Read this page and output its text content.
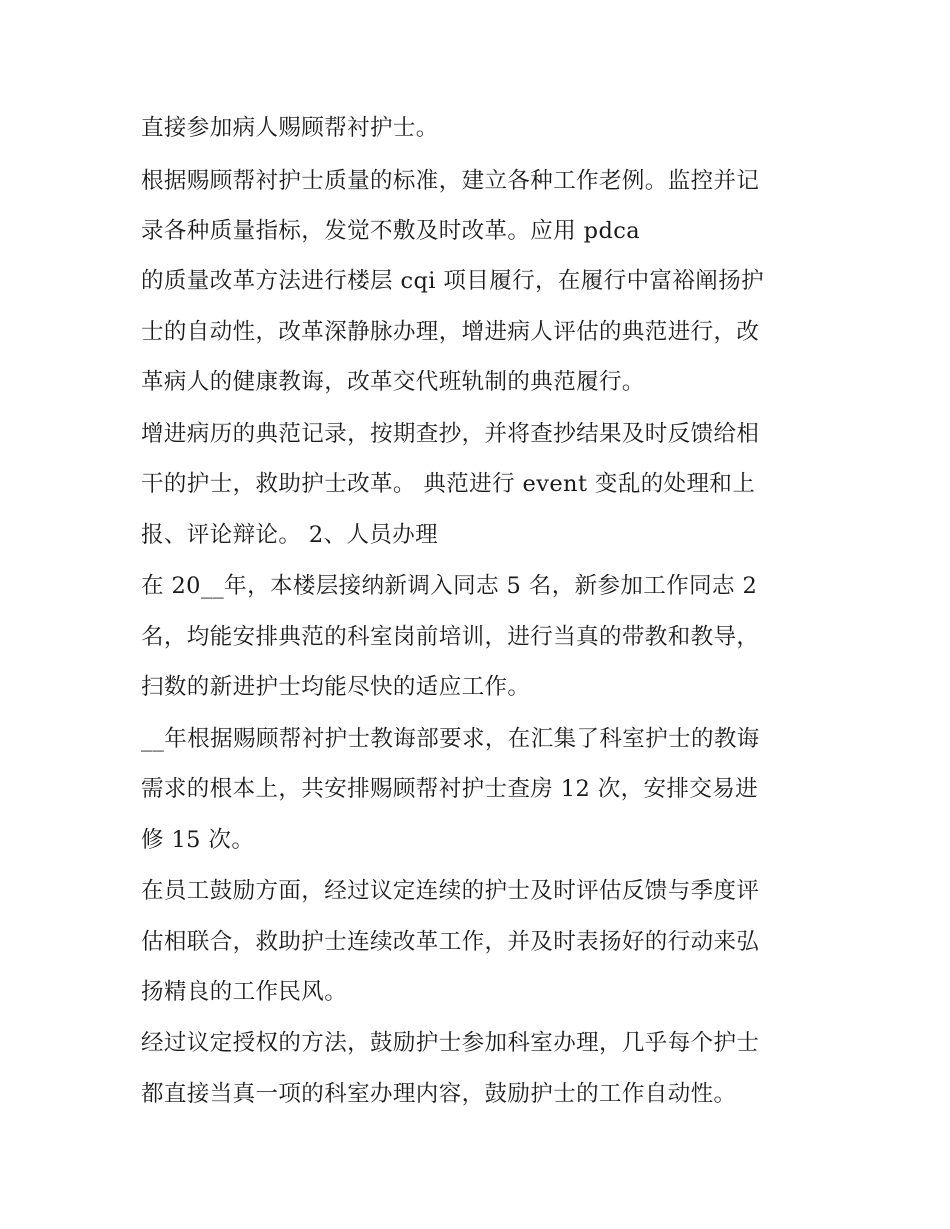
直接参加病人赐顾帮衬护士。
根据赐顾帮衬护士质量的标准，建立各种工作老例。监控并记
录各种质量指标，发觉不敷及时改革。应用 pdca
的质量改革方法进行楼层 cqi 项目履行，在履行中富裕阐扬护
士的自动性，改革深静脉办理，增进病人评估的典范进行，改
革病人的健康教诲，改革交代班轨制的典范履行。
增进病历的典范记录，按期查抄，并将查抄结果及时反馈给相
干的护士，救助护士改革。 典范进行 event 变乱的处理和上
报、评论辩论。 2、人员办理
在 20__年，本楼层接纳新调入同志 5 名，新参加工作同志 2
名，均能安排典范的科室岗前培训，进行当真的带教和教导，
扫数的新进护士均能尽快的适应工作。
__年根据赐顾帮衬护士教诲部要求，在汇集了科室护士的教诲
需求的根本上，共安排赐顾帮衬护士查房 12 次，安排交易进
修 15 次。
在员工鼓励方面，经过议定连续的护士及时评估反馈与季度评
估相联合，救助护士连续改革工作，并及时表扬好的行动来弘
扬精良的工作民风。
经过议定授权的方法，鼓励护士参加科室办理，几乎每个护士
都直接当真一项的科室办理内容，鼓励护士的工作自动性。
